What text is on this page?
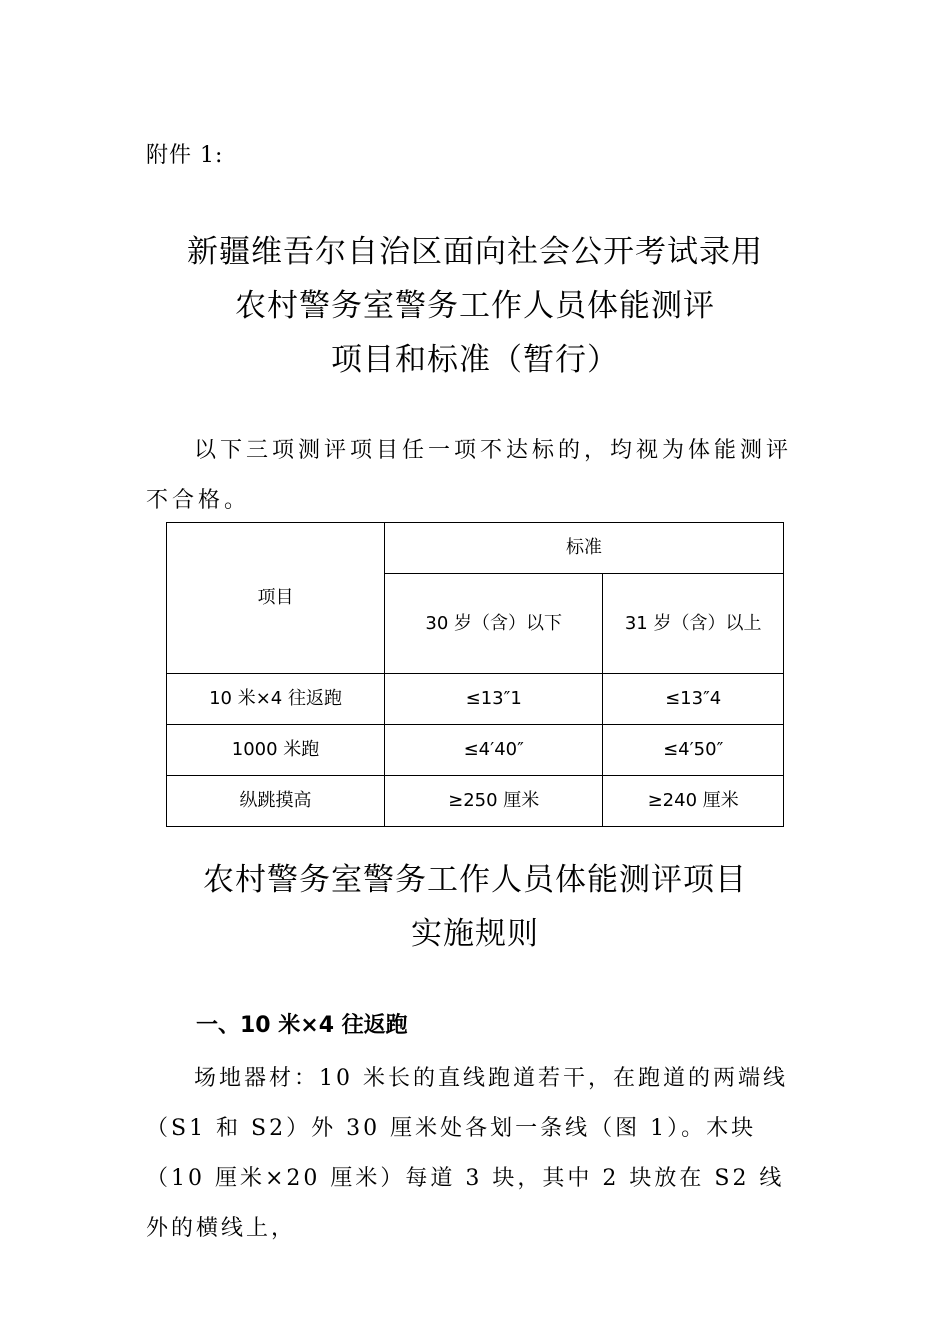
附件 1:
新疆维吾尔自治区面向社会公开考试录用
农村警务室警务工作人员体能测评
项目和标准（暂行）
以下三项测评项目任一项不达标的，均视为体能测评不合格。
项目	标准	
	30 岁（含）以下	31 岁（含）以上
10 米×4 往返跑	≤13″1	≤13″4
1000 米跑	≤4′40″	≤4′50″
纵跳摸高	≥250 厘米	≥240 厘米
农村警务室警务工作人员体能测评项目
实施规则
一、10 米×4 往返跑
场地器材：10 米长的直线跑道若干，在跑道的两端线（S1 和 S2）外 30 厘米处各划一条线（图 1）。木块（10 厘米×20 厘米）每道 3 块，其中 2 块放在 S2 线外的横线上，
